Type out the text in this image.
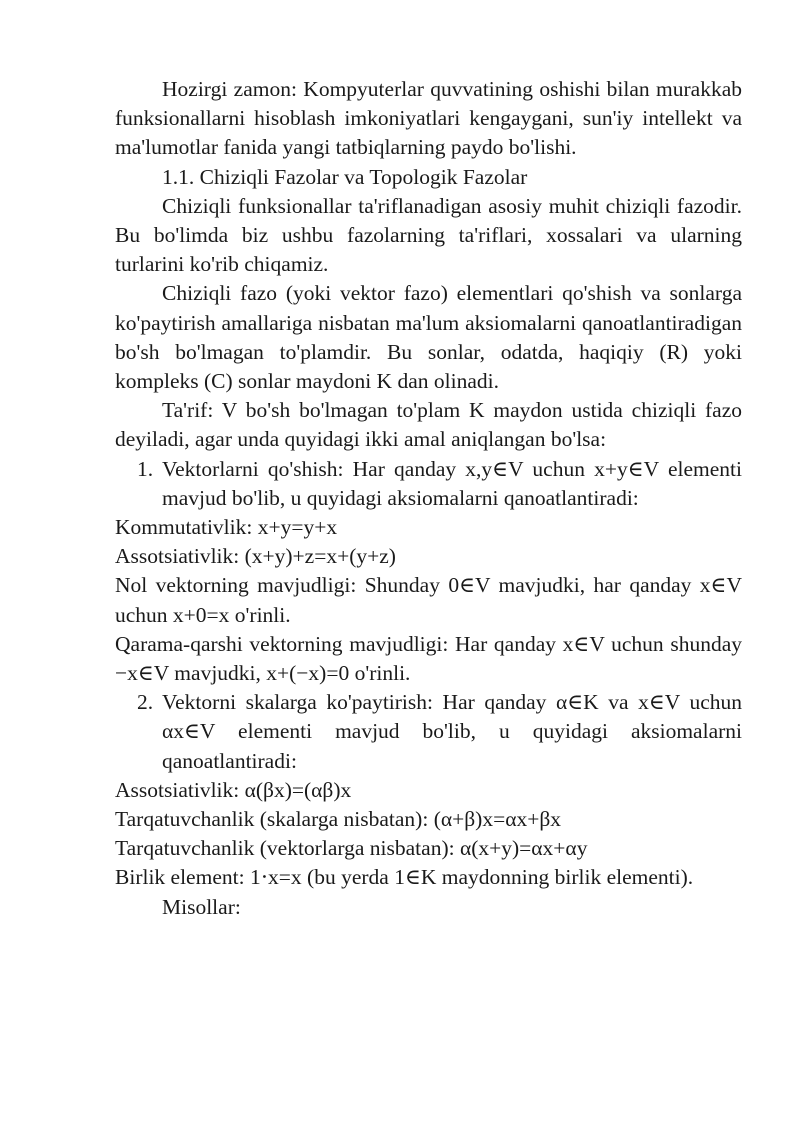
Hozirgi zamon: Kompyuterlar quvvatining oshishi bilan murakkab funksionallarni hisoblash imkoniyatlari kengaygani, sun'iy intellekt va ma'lumotlar fanida yangi tatbiqlarning paydo bo'lishi.

1.1. Chiziqli Fazolar va Topologik Fazolar

Chiziqli funksionallar ta'riflanadigan asosiy muhit chiziqli fazodir. Bu bo'limda biz ushbu fazolarning ta'riflari, xossalari va ularning turlarini ko'rib chiqamiz.

Chiziqli fazo (yoki vektor fazo) elementlari qo'shish va sonlarga ko'paytirish amallariga nisbatan ma'lum aksiomalarni qanoatlantiradigan bo'sh bo'lmagan to'plamdir. Bu sonlar, odatda, haqiqiy (R) yoki kompleks (C) sonlar maydoni K dan olinadi.

Ta'rif: V bo'sh bo'lmagan to'plam K maydon ustida chiziqli fazo deyiladi, agar unda quyidagi ikki amal aniqlangan bo'lsa:

1. Vektorlarni qo'shish: Har qanday x,y∈V uchun x+y∈V elementi mavjud bo'lib, u quyidagi aksiomalarni qanoatlantiradi:

Kommutativlik: x+y=y+x

Assotsiativlik: (x+y)+z=x+(y+z)

Nol vektorning mavjudligi: Shunday 0∈V mavjudki, har qanday x∈V uchun x+0=x o'rinli.

Qarama-qarshi vektorning mavjudligi: Har qanday x∈V uchun shunday −x∈V mavjudki, x+(−x)=0 o'rinli.

2. Vektorni skalarga ko'paytirish: Har qanday α∈K va x∈V uchun αx∈V elementi mavjud bo'lib, u quyidagi aksiomalarni qanoatlantiradi:

Assotsiativlik: α(βx)=(αβ)x

Tarqatuvchanlik (skalarga nisbatan): (α+β)x=αx+βx

Tarqatuvchanlik (vektorlarga nisbatan): α(x+y)=αx+αy

Birlik element: 1⋅x=x (bu yerda 1∈K maydonning birlik elementi).

Misollar:
